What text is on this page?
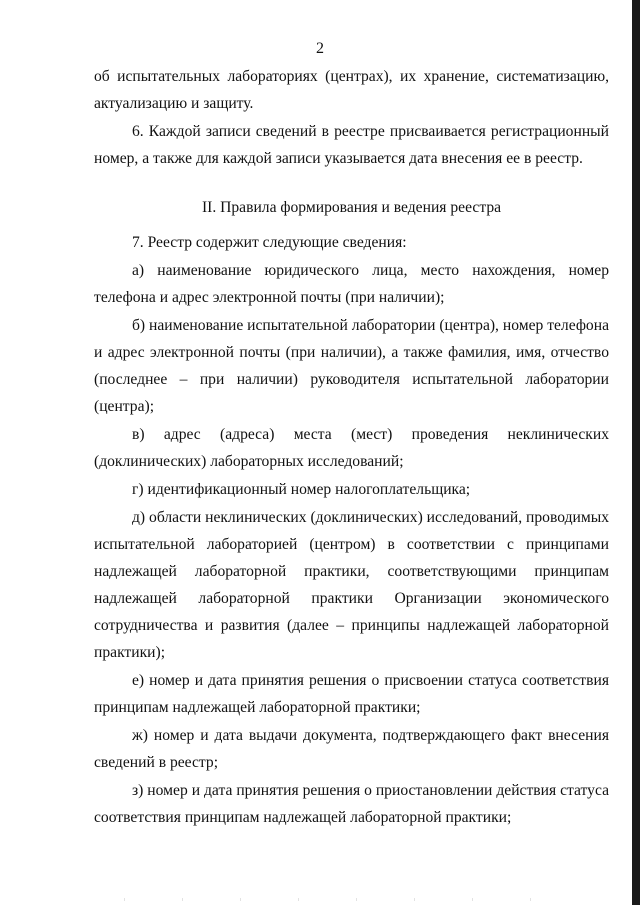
2

об испытательных лабораториях (центрах), их хранение, систематизацию, актуализацию и защиту.

6. Каждой записи сведений в реестре присваивается регистрационный номер, а также для каждой записи указывается дата внесения ее в реестр.

II. Правила формирования и ведения реестра

7. Реестр содержит следующие сведения:

а) наименование юридического лица, место нахождения, номер телефона и адрес электронной почты (при наличии);

б) наименование испытательной лаборатории (центра), номер телефона и адрес электронной почты (при наличии), а также фамилия, имя, отчество (последнее – при наличии) руководителя испытательной лаборатории (центра);

в) адрес (адреса) места (мест) проведения неклинических (доклинических) лабораторных исследований;

г) идентификационный номер налогоплательщика;

д) области неклинических (доклинических) исследований, проводимых испытательной лабораторией (центром) в соответствии с принципами надлежащей лабораторной практики, соответствующими принципам надлежащей лабораторной практики Организации экономического сотрудничества и развития (далее – принципы надлежащей лабораторной практики);

е) номер и дата принятия решения о присвоении статуса соответствия принципам надлежащей лабораторной практики;

ж) номер и дата выдачи документа, подтверждающего факт внесения сведений в реестр;

з) номер и дата принятия решения о приостановлении действия статуса соответствия принципам надлежащей лабораторной практики;
